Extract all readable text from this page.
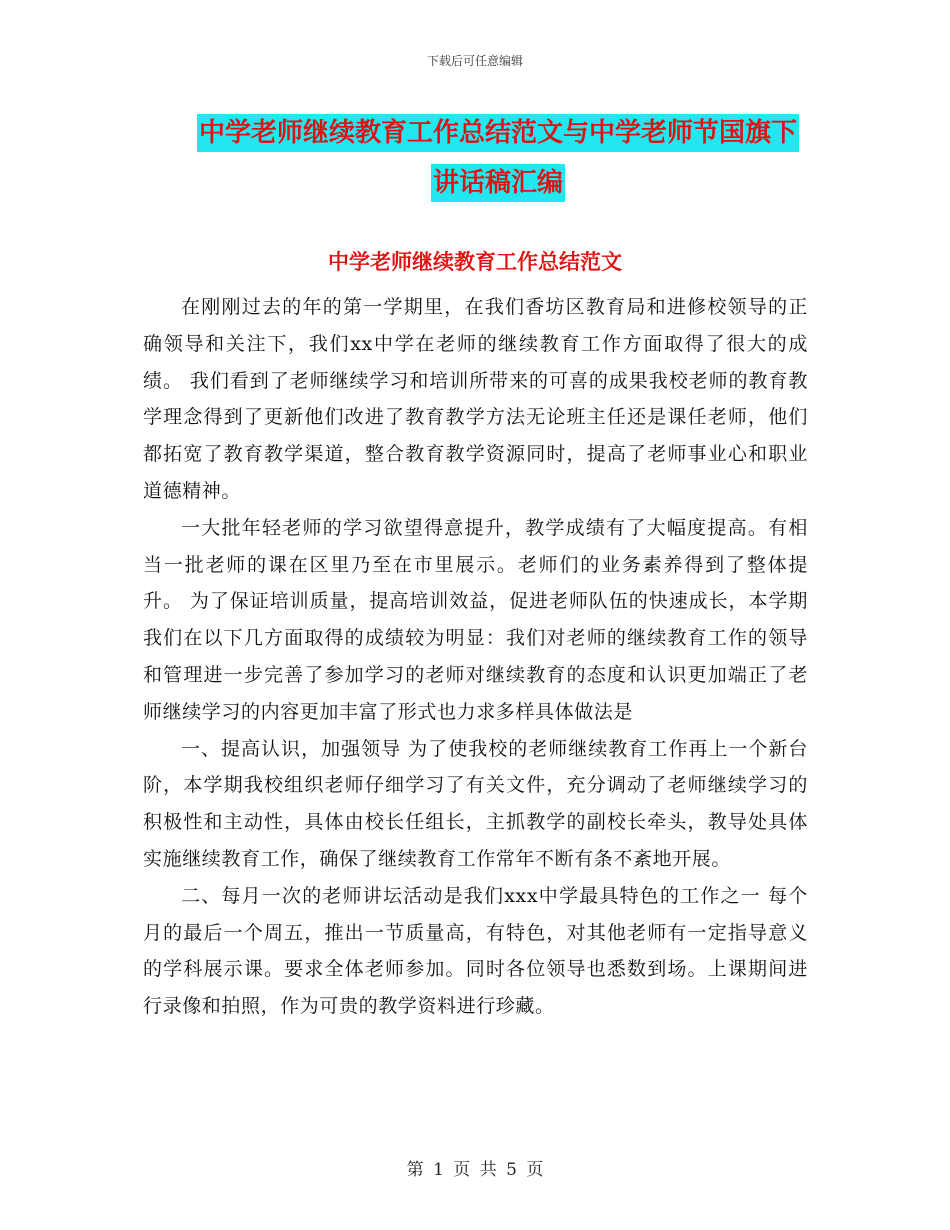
下载后可任意编辑
中学老师继续教育工作总结范文与中学老师节国旗下
讲话稿汇编
中学老师继续教育工作总结范文

在刚刚过去的年的第一学期里，在我们香坊区教育局和进修校领导的正确领导和关注下，我们xx中学在老师的继续教育工作方面取得了很大的成绩。 我们看到了老师继续学习和培训所带来的可喜的成果我校老师的教育教学理念得到了更新他们改进了教育教学方法无论班主任还是课任老师，他们都拓宽了教育教学渠道，整合教育教学资源同时，提高了老师事业心和职业道德精神。

一大批年轻老师的学习欲望得意提升，教学成绩有了大幅度提高。有相当一批老师的课在区里乃至在市里展示。老师们的业务素养得到了整体提升。 为了保证培训质量，提高培训效益，促进老师队伍的快速成长，本学期我们在以下几方面取得的成绩较为明显：我们对老师的继续教育工作的领导和管理进一步完善了参加学习的老师对继续教育的态度和认识更加端正了老师继续学习的内容更加丰富了形式也力求多样具体做法是

一、提高认识，加强领导 为了使我校的老师继续教育工作再上一个新台阶，本学期我校组织老师仔细学习了有关文件，充分调动了老师继续学习的积极性和主动性，具体由校长任组长，主抓教学的副校长牵头，教导处具体实施继续教育工作，确保了继续教育工作常年不断有条不紊地开展。

二、每月一次的老师讲坛活动是我们xxx中学最具特色的工作之一 每个月的最后一个周五，推出一节质量高，有特色，对其他老师有一定指导意义的学科展示课。要求全体老师参加。同时各位领导也悉数到场。上课期间进行录像和拍照，作为可贵的教学资料进行珍藏。

第 1 页 共 5 页
